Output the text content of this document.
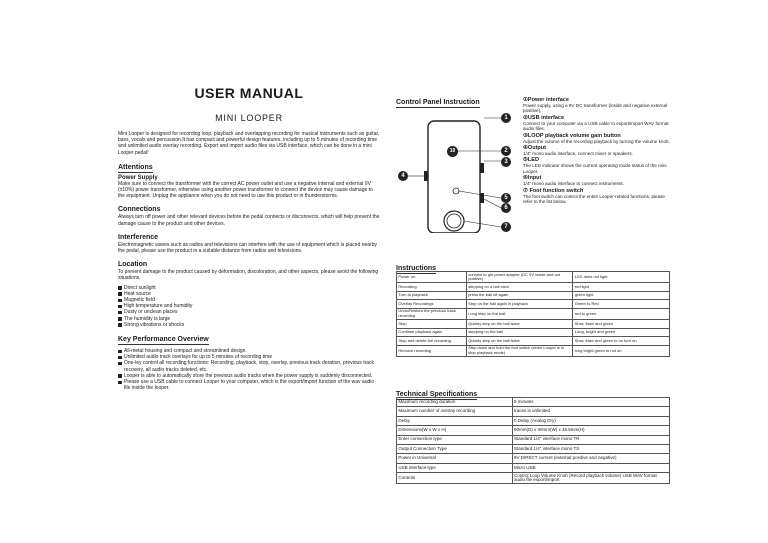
USER MANUAL
MINI LOOPER

Mini Looper is designed for recording loop, playback and overlapping recording for musical instruments such as guitar, bass, vocals and percussion.It has compact and powerful design features, including up to 5 minutes of recording time and unlimited audio overlay recording. Export and import audio files via USB interface, which can be done in a mini Looper pedal!

Attentions
Power Supply

Make sure to connect the transformer with the correct AC power outlet and use a negative internal and external 9V (±10%) power transformer, otherwise using another power transformer to connect the device may cause damage to the equipment. Unplug the appliance when you do not need to use this product or in thunderstorms.

Connections

Always turn off power and other relevant devices before the pedal connects or disconnects, which will help prevent the damage cause to the product and other devices.

Interference

Electromagnetic waves such as radios and televisions can interfere with the use of equipment which is placed nearby the pedal, please use the product in a suitable distance from radios and televisions.

Location

To prevent damage to the product caused by deformation, discoloration, and other aspects, please avoid the following situations.

Direct sunlight
Heat source
Magnetic field
High temperature and humidity
Dusty or unclean places
The humidity is large
Strong vibrations or shocks
Key Performance Overview
All-metal housing and compact and streamlined design.
Unlimited audio track overlays for up to 5 minutes of recording time
One-ley control all recording functions: Recording, playback, stop, overlay, previous track deration, previous track recovery, all audio tracks deleted, etc.
Looper is able to automatically store the previous audio tracks when the power supply is suddenly disconnected.
Please use a USB cable to connect Looper to your computer, which is the export/import function of the wav audio file inside the looper.
Control Panel Instruction
1
2
3
4
5
6
7
10

①Power interface

Power supply, using a 9V DC transformer (inside and negative external positive).

②USB interface

Connect to your computer via a USB cable to export/import WAV format audio files.

③LOOP playback volume gain button

Adjust the volume of the recording playback by turning the volume knob.

④Output

1/4" mono audio interface, connect mixer or speakers.

⑤LED

The LED indicator shows the current operating mode status of the mini Looper.

⑥Input

1/4" mono audio interface to connect instruments.

⑦ Foot function switch

The foot switch can control the entire Looper-related functions, please refer to the list below.

Instructions
Power on	connect to gin power adapter (DC 9V inside and out positive)	LED does not light
Recording	stepping on a ball once	red light
Turn to playback	press the ball off again	green light
Overlay Recordings	Step on the ball again in playback	Green to Red
Undo/Restore the previous track recording	Long step on the ball	red to green
Stop	Quickly step on the ball twice	Slow, flash and green
Continue playback again	stepping on the ball	Long, bright and green
Stop and delete the recording	Quickly step on the ball twice	Slow, flash and green to no turn on
Remove recording	Step down and hold the foot switch (when Looper is in stop playback mode)	long bright green to not on
Technical Specifications
Maximum recording duration	5 minutes
Maximum number of overlay recording	traces is unlimited
Delay	0 Delay (Analog Dry)
Dimensions(W x W x H)	90mm(D) x 40mm(W) x 48.5mm(H)
Enter connection type	Standard 1/4" interface mono TR
Output Connection Type	Standard 1/4" interface mono TS
Power in Universal	9V DIRECT current (external positive and negative)
USB interface type	Micro USB
Controls	Control Loop Volume Knob (Record playback volume) USB WAV format audio file export/import
